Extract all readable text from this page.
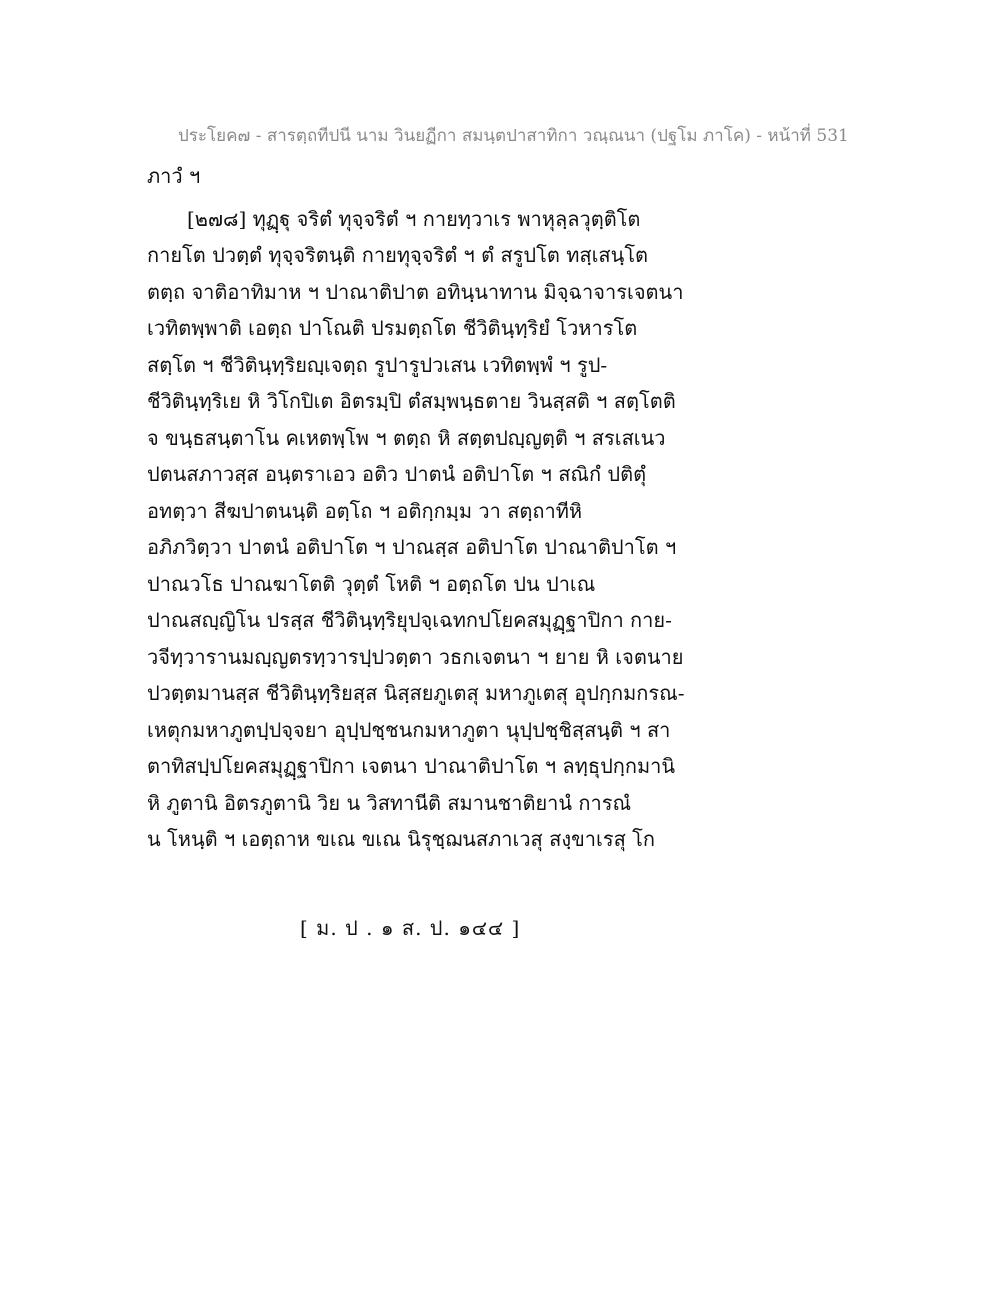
ประโยค๗ - สารตฺถทีปนี นาม วินยฏีกา สมนฺตปาสาทิกา วณฺณนา (ปฐโม ภาโค) - หน้าที่ 531
ภาวํ ฯ
[๒๗๘] ทุฏฺฐุ จริตํ ทุจฺจริตํ ฯ กายทฺวาเร พาหุลฺลวุตฺติโต
กายโต ปวตฺตํ ทุจฺจริตนฺติ กายทุจฺจริตํ ฯ ตํ สรูปโต ทสฺเสนฺโต
ตตฺถ จาติอาทิมาห ฯ ปาณาติปาต อทินฺนาทาน มิจฺฉาจารเจตนา
เวทิตพฺพาติ เอตฺถ ปาโณติ ปรมตฺถโต ชีวิตินฺทฺริยํ โวหารโต
สตฺโต ฯ ชีวิตินฺทฺริยญฺเจตฺถ รูปารูปวเสน เวทิตพฺพํ ฯ รูป-
ชีวิตินฺทฺริเย หิ วิโกปิเต อิตรมฺปิ ตํสมฺพนฺธตาย วินสฺสติ ฯ สตฺโตติ
จ ขนฺธสนฺตาโน คเหตพฺโพ ฯ ตตฺถ หิ สตฺตปญฺญตฺติ ฯ สรเสเนว
ปตนสภาวสฺส อนฺตราเอว อติว ปาตนํ อติปาโต ฯ สณิกํ ปติตุํ
อทตฺวา สีฆปาตนนฺติ อตฺโถ ฯ อติกฺกมฺม วา สตฺถาทีหิ
อภิภวิตฺวา ปาตนํ อติปาโต ฯ ปาณสฺส อติปาโต ปาณาติปาโต ฯ
ปาณวโธ ปาณฆาโตติ วุตฺตํ โหติ ฯ อตฺถโต ปน ปาเณ
ปาณสญฺญิโน ปรสฺส ชีวิตินฺทฺริยุปจฺเฉทกปโยคสมุฏฺฐาปิกา กาย-
วจีทฺวารานมญฺญตรทฺวารปฺปวตฺตา วธกเจตนา ฯ ยาย หิ เจตนาย
ปวตฺตมานสฺส ชีวิตินฺทฺริยสฺส นิสฺสยภูเตสุ มหาภูเตสุ อุปกฺกมกรณ-
เหตุกมหาภูตปฺปจฺจยา อุปฺปชฺชนกมหาภูตา นุปฺปชฺชิสฺสนฺติ ฯ สา
ตาทิสปฺปโยคสมุฏฺฐาปิกา เจตนา ปาณาติปาโต ฯ ลทฺธุปกฺกมานิ
หิ ภูตานิ อิตรภูตานิ วิย น วิสทานีติ สมานชาติยานํ การณํ
น โหนฺติ ฯ เอตฺถาห ขเณ ขเณ นิรุชฺฌนสภาเวสุ สงฺขาเรสุ โก
[ ม. ป . ๑ ส. ป. ๑๔๔ ]
